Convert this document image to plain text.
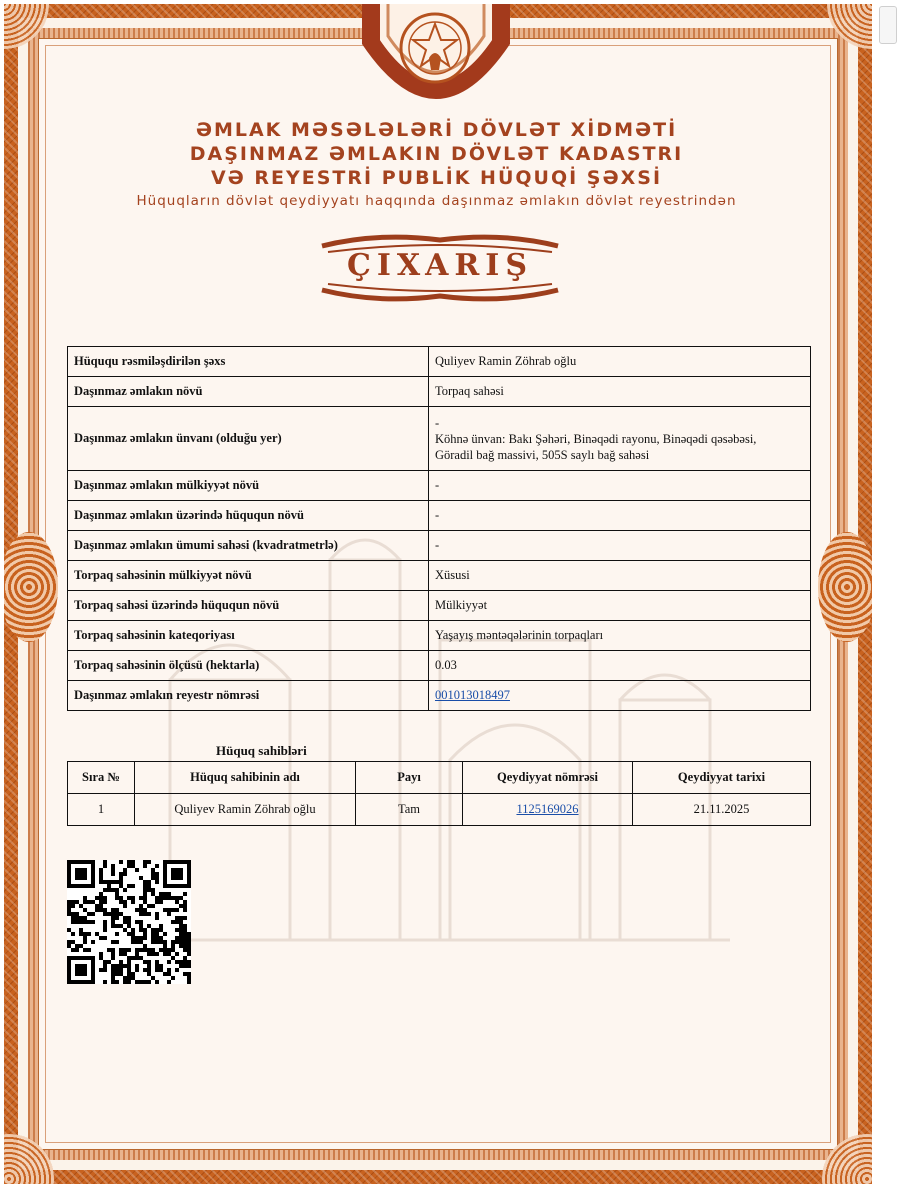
ƏMLAK MƏSƏLƏLƏRİ DÖVLƏT XİDMƏTİ
DAŞINMAZ ƏMLAKIN DÖVLƏT KADASTRI
VƏ REYESTRİ PUBLİK HÜQUQİ ŞƏXSİ
Hüquqların dövlət qeydiyyatı haqqında daşınmaz əmlakın dövlət reyestrindən
ÇIXARIŞ
Hüququ rəsmiləşdirilən şəxs	Quliyev Ramin Zöhrab oğlu
Daşınmaz əmlakın növü	Torpaq sahəsi
Daşınmaz əmlakın ünvanı (olduğu yer)	-
Köhnə ünvan: Bakı Şəhəri, Binəqədi rayonu, Binəqədi qəsəbəsi,
Göradil bağ massivi, 505S saylı bağ sahəsi

Daşınmaz əmlakın mülkiyyət növü	-
Daşınmaz əmlakın üzərində hüququn növü	-
Daşınmaz əmlakın ümumi sahəsi (kvadratmetrlə)	-
Torpaq sahəsinin mülkiyyət növü	Xüsusi
Torpaq sahəsi üzərində hüququn növü	Mülkiyyət
Torpaq sahəsinin kateqoriyası	Yaşayış məntəqələrinin torpaqları
Torpaq sahəsinin ölçüsü (hektarla)	0.03
Daşınmaz əmlakın reyestr nömrəsi	001013018497
Hüquq sahibləri
Sıra №	Hüquq sahibinin adı	Payı	Qeydiyyat nömrəsi	Qeydiyyat tarixi
1	Quliyev Ramin Zöhrab oğlu	Tam	1125169026	21.11.2025
